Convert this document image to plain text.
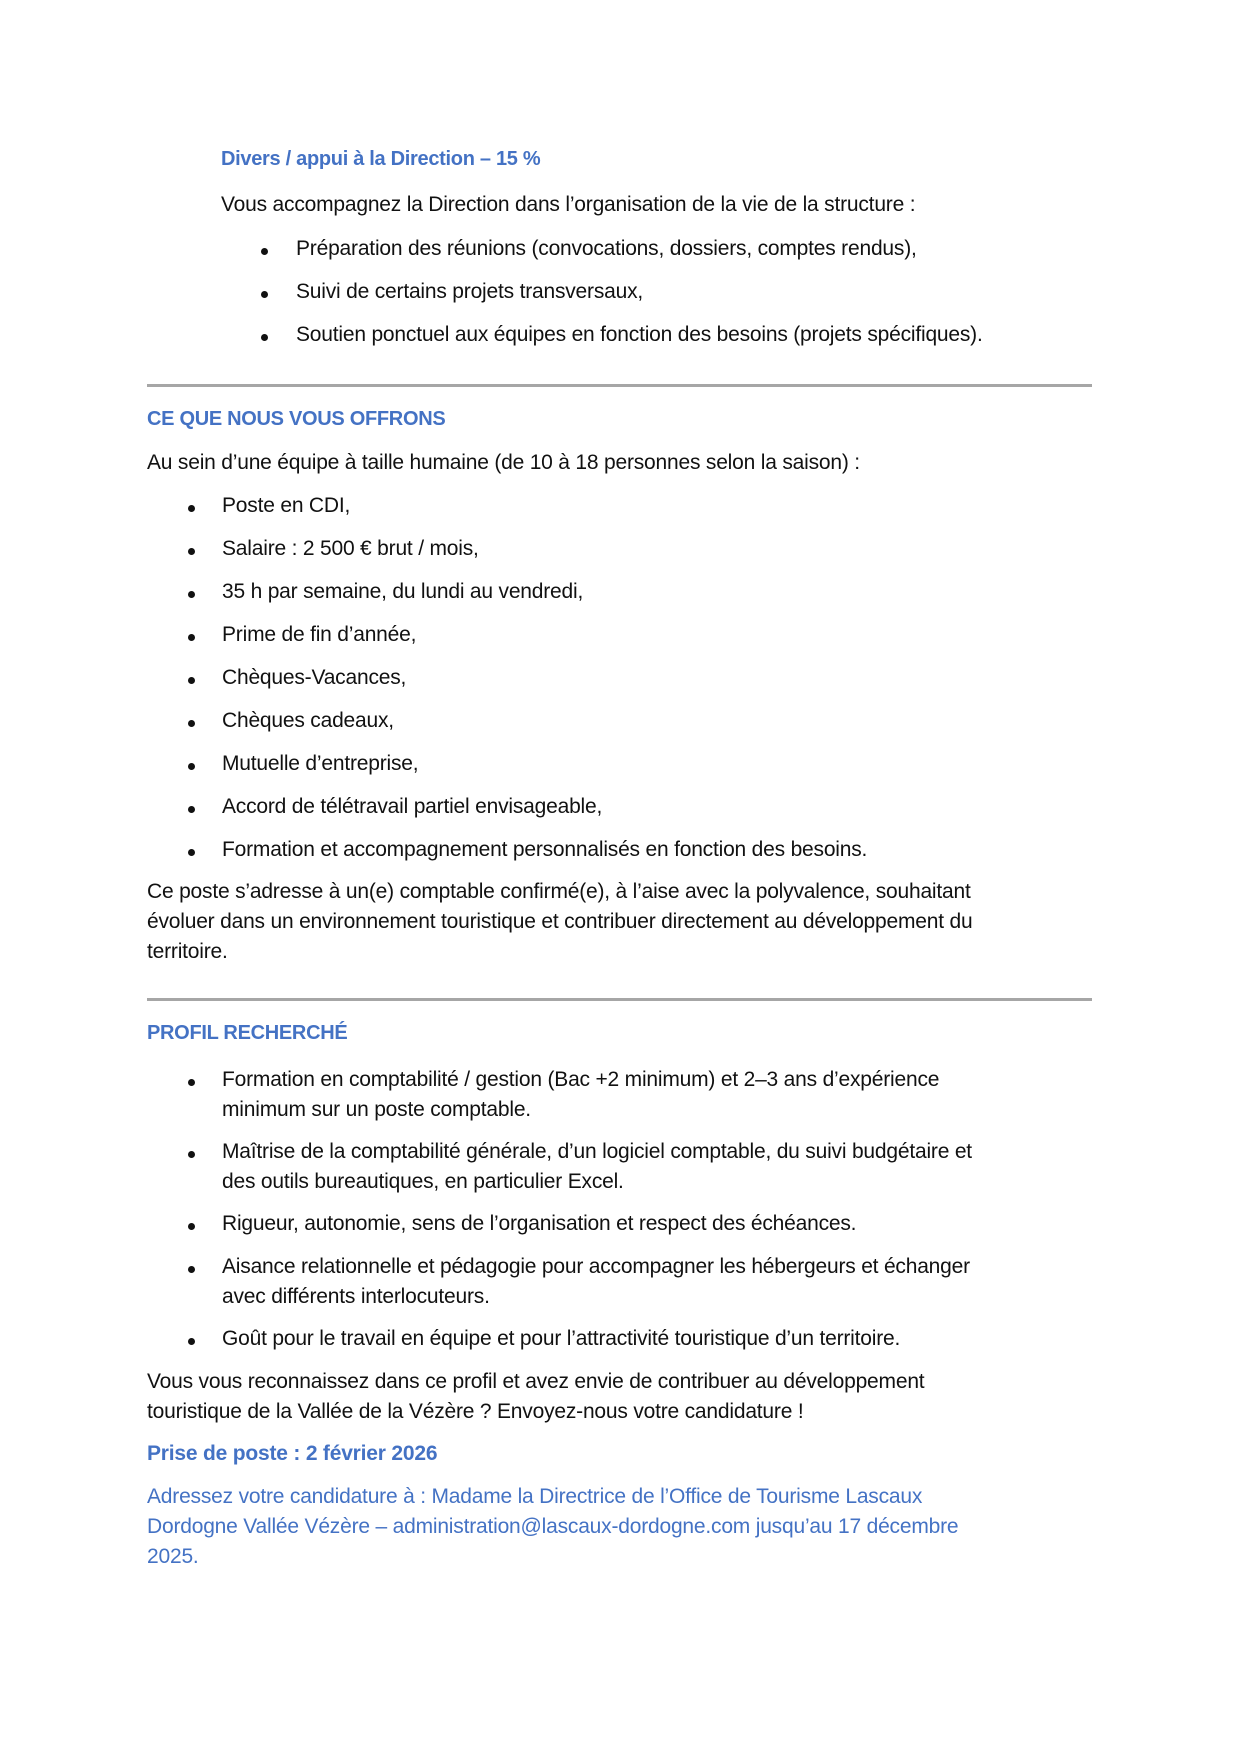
Divers / appui à la Direction – 15 %
Vous accompagnez la Direction dans l’organisation de la vie de la structure :
Préparation des réunions (convocations, dossiers, comptes rendus),
Suivi de certains projets transversaux,
Soutien ponctuel aux équipes en fonction des besoins (projets spécifiques).
CE QUE NOUS VOUS OFFRONS
Au sein d’une équipe à taille humaine (de 10 à 18 personnes selon la saison) :
Poste en CDI,
Salaire : 2 500 € brut / mois,
35 h par semaine, du lundi au vendredi,
Prime de fin d’année,
Chèques-Vacances,
Chèques cadeaux,
Mutuelle d’entreprise,
Accord de télétravail partiel envisageable,
Formation et accompagnement personnalisés en fonction des besoins.
Ce poste s’adresse à un(e) comptable confirmé(e), à l’aise avec la polyvalence, souhaitant
évoluer dans un environnement touristique et contribuer directement au développement du
territoire.
PROFIL RECHERCHÉ
Formation en comptabilité / gestion (Bac +2 minimum) et 2–3 ans d’expérience
minimum sur un poste comptable.
Maîtrise de la comptabilité générale, d’un logiciel comptable, du suivi budgétaire et
des outils bureautiques, en particulier Excel.
Rigueur, autonomie, sens de l’organisation et respect des échéances.
Aisance relationnelle et pédagogie pour accompagner les hébergeurs et échanger
avec différents interlocuteurs.
Goût pour le travail en équipe et pour l’attractivité touristique d’un territoire.
Vous vous reconnaissez dans ce profil et avez envie de contribuer au développement
touristique de la Vallée de la Vézère ? Envoyez-nous votre candidature !
Prise de poste : 2 février 2026
Adressez votre candidature à : Madame la Directrice de l’Office de Tourisme Lascaux
Dordogne Vallée Vézère – administration@lascaux-dordogne.com jusqu’au 17 décembre
2025.
